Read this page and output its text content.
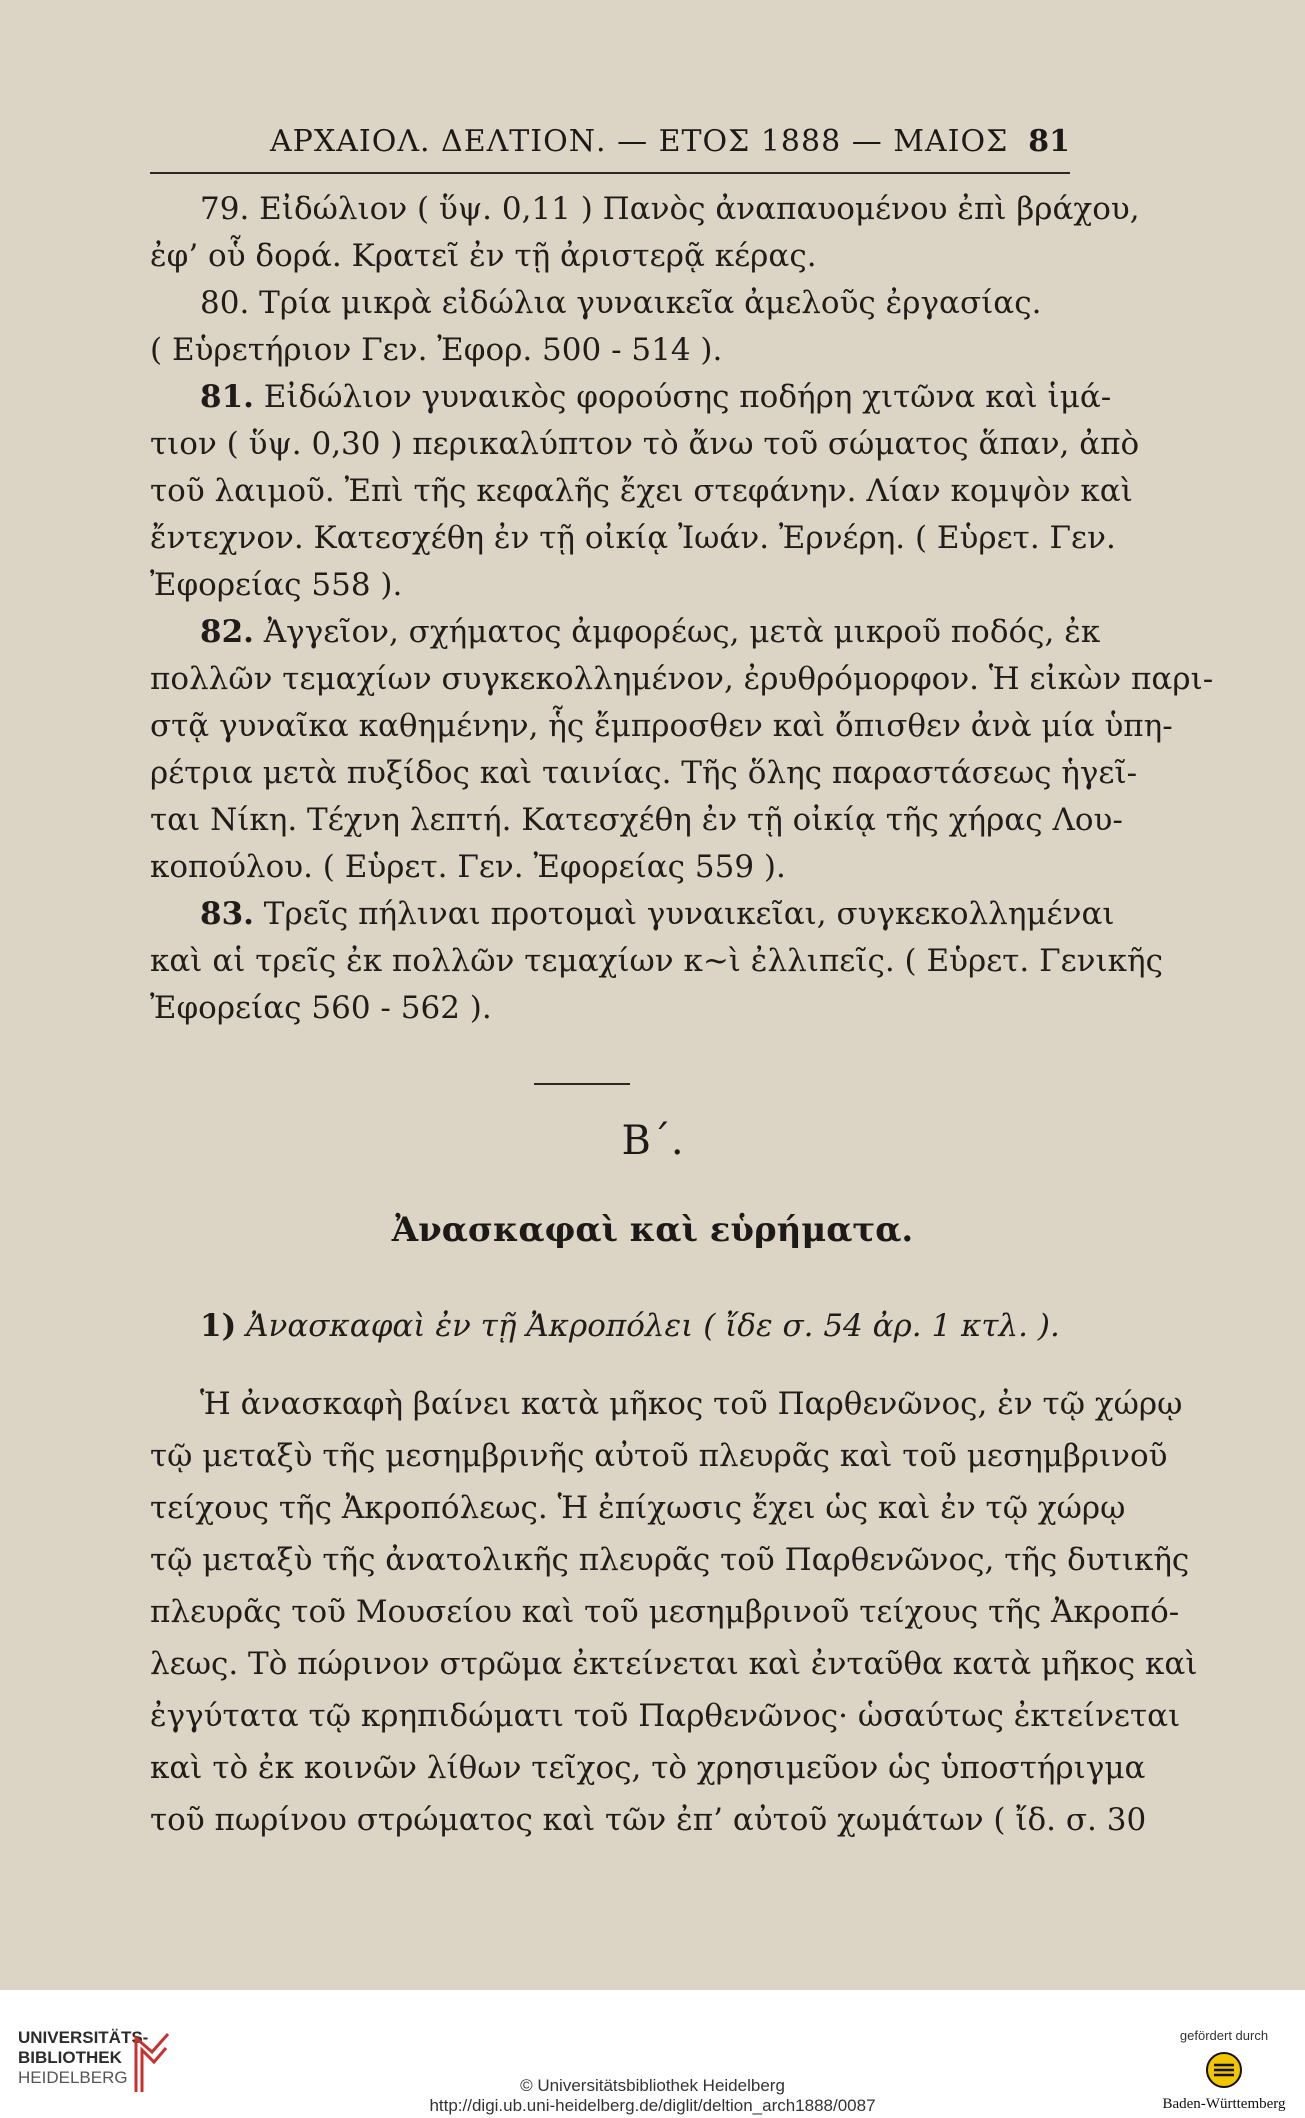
ΑΡΧΑΙΟΛ. ΔΕΛΤΙΟΝ. — ΕΤΟΣ 1888 — ΜΑΙΟΣ 81
79. Εἰδώλιον ( ὕψ. 0,11 ) Πανὸς ἀναπαυομένου ἐπὶ βράχου,
ἐφ’ οὗ δορά. Κρατεῖ ἐν τῇ ἀριστερᾷ κέρας.
80. Τρία μικρὰ εἰδώλια γυναικεῖα ἀμελοῦς ἐργασίας.
( Εὑρετήριον Γεν. Ἐφορ. 500 - 514 ).
81. Εἰδώλιον γυναικὸς φορούσης ποδήρη χιτῶνα καὶ ἱμά-
τιον ( ὕψ. 0,30 ) περικαλύπτον τὸ ἄνω τοῦ σώματος ἅπαν, ἀπὸ
τοῦ λαιμοῦ. Ἐπὶ τῆς κεφαλῆς ἔχει στεφάνην. Λίαν κομψὸν καὶ
ἔντεχνον. Κατεσχέθη ἐν τῇ οἰκίᾳ Ἰωάν. Ἐρνέρη. ( Εὑρετ. Γεν.
Ἐφορείας 558 ).
82. Ἀγγεῖον, σχήματος ἀμφορέως, μετὰ μικροῦ ποδός, ἐκ
πολλῶν τεμαχίων συγκεκολλημένον, ἐρυθρόμορφον. Ἡ εἰκὼν παρι-
στᾷ γυναῖκα καθημένην, ἧς ἔμπροσθεν καὶ ὄπισθεν ἀνὰ μία ὑπη-
ρέτρια μετὰ πυξίδος καὶ ταινίας. Τῆς ὅλης παραστάσεως ἡγεῖ-
ται Νίκη. Τέχνη λεπτή. Κατεσχέθη ἐν τῇ οἰκίᾳ τῆς χήρας Λου-
κοπούλου. ( Εὑρετ. Γεν. Ἐφορείας 559 ).
83. Τρεῖς πήλιναι προτομαὶ γυναικεῖαι, συγκεκολλημέναι
καὶ αἱ τρεῖς ἐκ πολλῶν τεμαχίων κ~ὶ ἐλλιπεῖς. ( Εὑρετ. Γενικῆς
Ἐφορείας 560 - 562 ).
Β΄.
Ἀνασκαφαὶ καὶ εὑρήματα.
1) Ἀνασκαφαὶ ἐν τῇ Ἀκροπόλει ( ἴδε σ. 54 ἀρ. 1 κτλ. ).
Ἡ ἀνασκαφὴ βαίνει κατὰ μῆκος τοῦ Παρθενῶνος, ἐν τῷ χώρῳ
τῷ μεταξὺ τῆς μεσημβρινῆς αὐτοῦ πλευρᾶς καὶ τοῦ μεσημβρινοῦ
τείχους τῆς Ἀκροπόλεως. Ἡ ἐπίχωσις ἔχει ὡς καὶ ἐν τῷ χώρῳ
τῷ μεταξὺ τῆς ἀνατολικῆς πλευρᾶς τοῦ Παρθενῶνος, τῆς δυτικῆς
πλευρᾶς τοῦ Μουσείου καὶ τοῦ μεσημβρινοῦ τείχους τῆς Ἀκροπό-
λεως. Τὸ πώρινον στρῶμα ἐκτείνεται καὶ ἐνταῦθα κατὰ μῆκος καὶ
ἐγγύτατα τῷ κρηπιδώματι τοῦ Παρθενῶνος· ὡσαύτως ἐκτείνεται
καὶ τὸ ἐκ κοινῶν λίθων τεῖχος, τὸ χρησιμεῦον ὡς ὑποστήριγμα
τοῦ πωρίνου στρώματος καὶ τῶν ἐπ’ αὐτοῦ χωμάτων ( ἴδ. σ. 30
UNIVERSITÄTS-
BIBLIOTHEK
HEIDELBERG	© Universitätsbibliothek Heidelberg
http://digi.ub.uni-heidelberg.de/diglit/deltion_arch1888/0087
gefördert durch
Baden-Württemberg
